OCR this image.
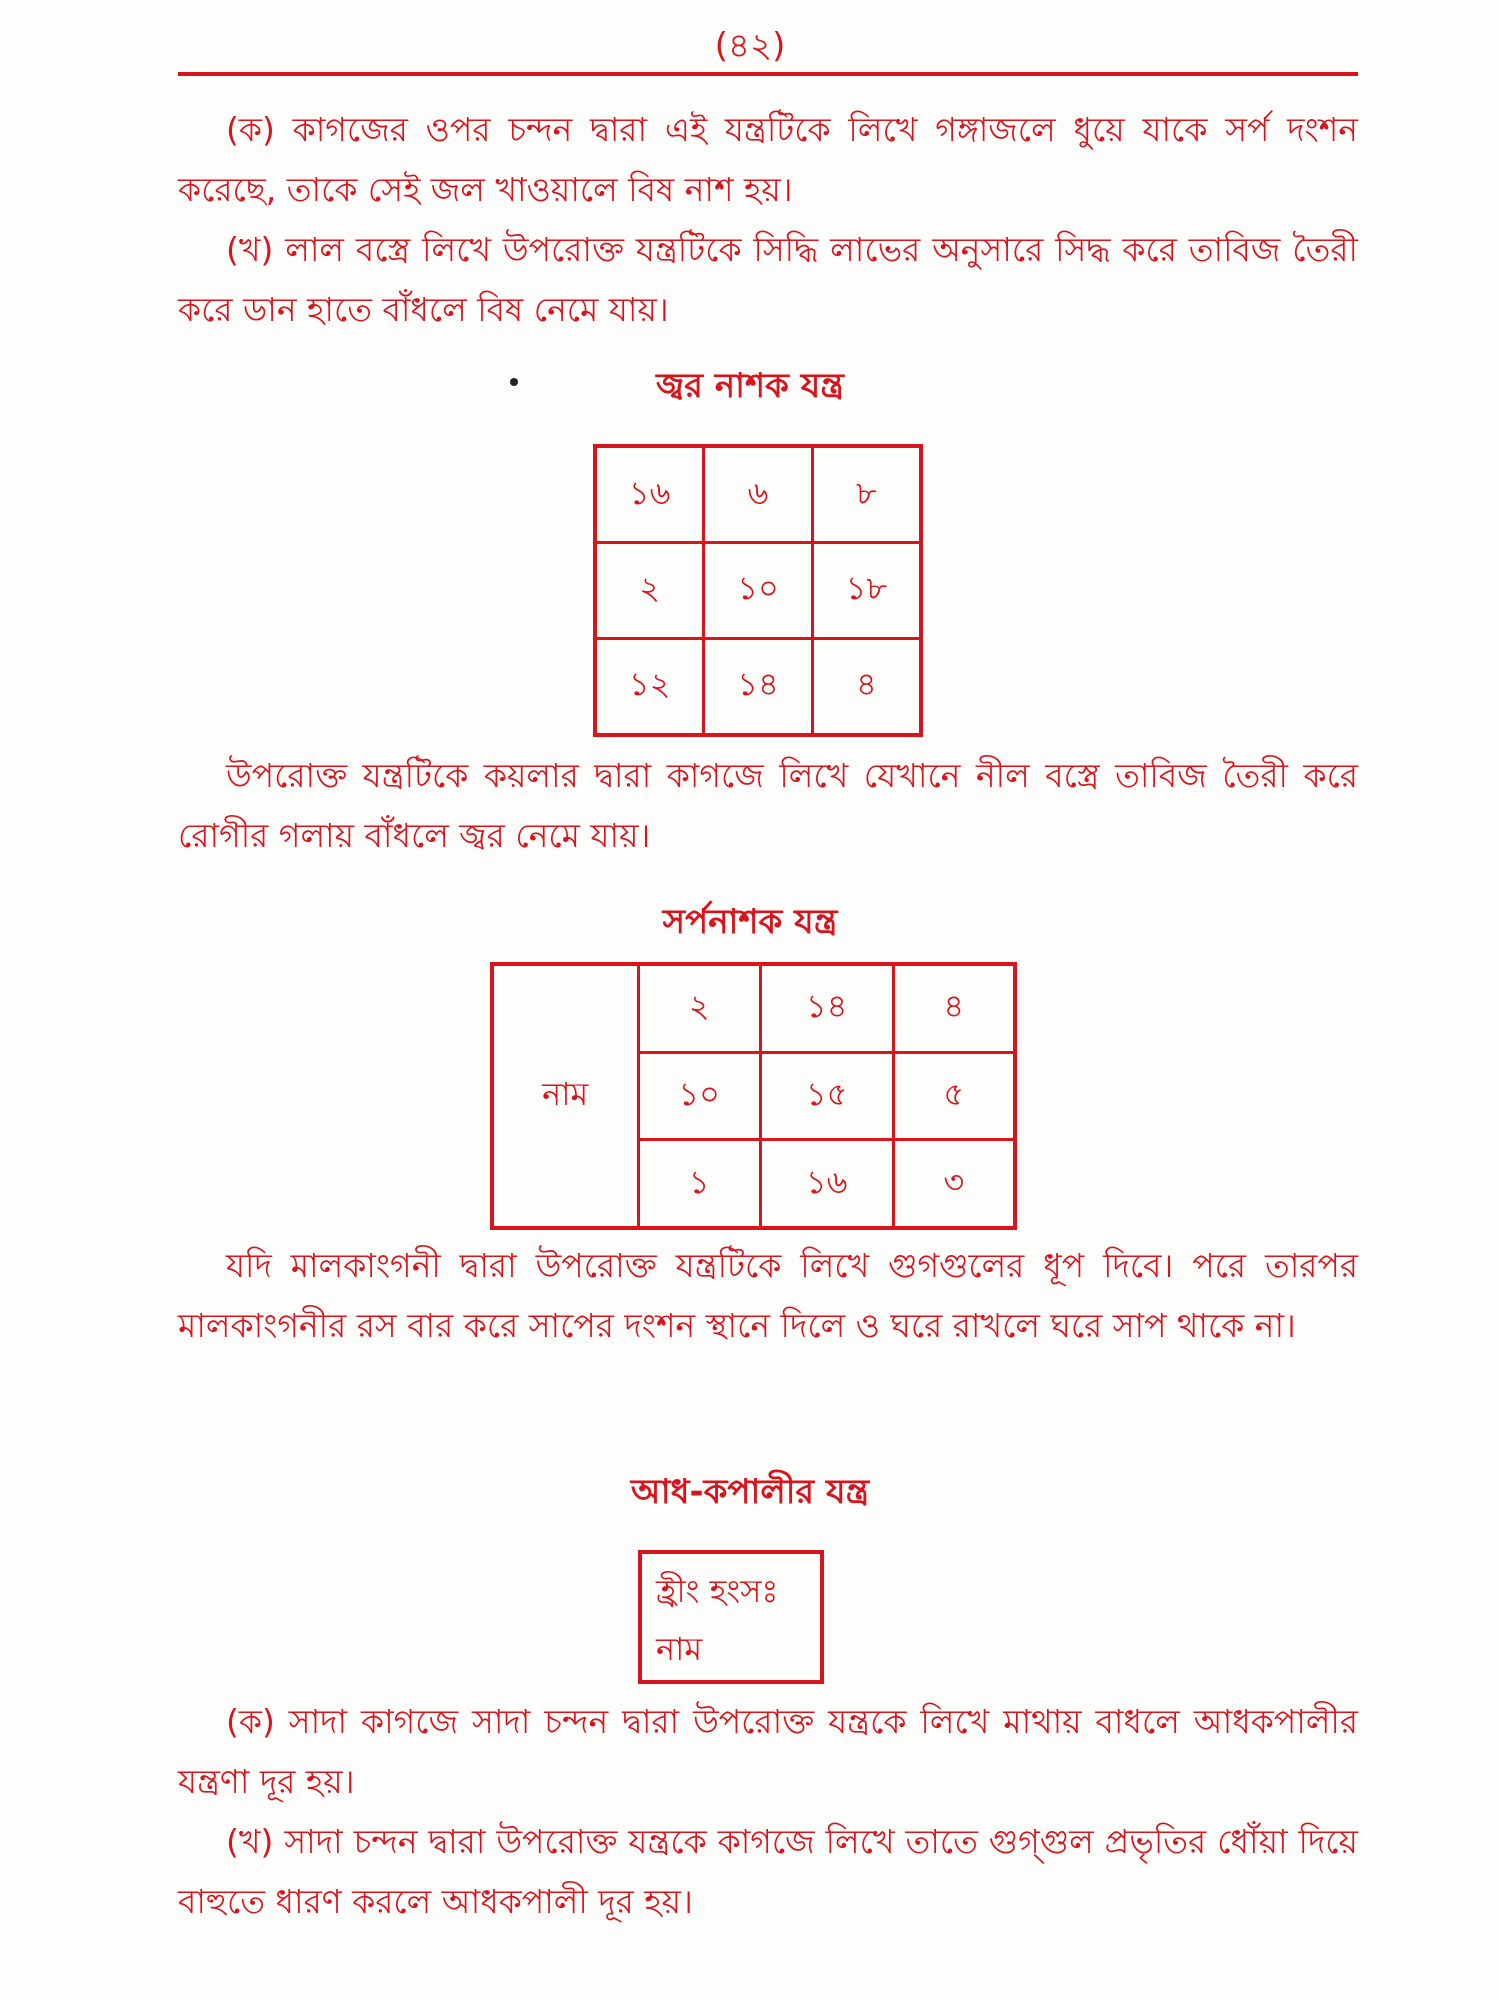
(৪২)

(ক) কাগজের ওপর চন্দন দ্বারা এই যন্ত্রটিকে লিখে গঙ্গাজলে ধুয়ে যাকে সর্প দংশন করেছে, তাকে সেই জল খাওয়ালে বিষ নাশ হয়।

(খ) লাল বস্ত্রে লিখে উপরোক্ত যন্ত্রটিকে সিদ্ধি লাভের অনুসারে সিদ্ধ করে তাবিজ তৈরী করে ডান হাতে বাঁধলে বিষ নেমে যায়।

জ্বর নাশক যন্ত্র
১৬	৬	৮
২	১০	১৮
১২	১৪	৪

উপরোক্ত যন্ত্রটিকে কয়লার দ্বারা কাগজে লিখে যেখানে নীল বস্ত্রে তাবিজ তৈরী করে রোগীর গলায় বাঁধলে জ্বর নেমে যায়।

সর্পনাশক যন্ত্র
নাম	২	১৪	৪
	১০	১৫	৫
	১	১৬	৩

যদি মালকাংগনী দ্বারা উপরোক্ত যন্ত্রটিকে লিখে গুগগুলের ধূপ দিবে। পরে তারপর মালকাংগনীর রস বার করে সাপের দংশন স্থানে দিলে ও ঘরে রাখলে ঘরে সাপ থাকে না।

আধ-কপালীর যন্ত্র
হ্রীং হংসঃ
নাম

(ক) সাদা কাগজে সাদা চন্দন দ্বারা উপরোক্ত যন্ত্রকে লিখে মাথায় বাধলে আধকপালীর যন্ত্রণা দূর হয়।

(খ) সাদা চন্দন দ্বারা উপরোক্ত যন্ত্রকে কাগজে লিখে তাতে গুগ্গুল প্রভৃতির ধোঁয়া দিয়ে বাহুতে ধারণ করলে আধকপালী দূর হয়।
